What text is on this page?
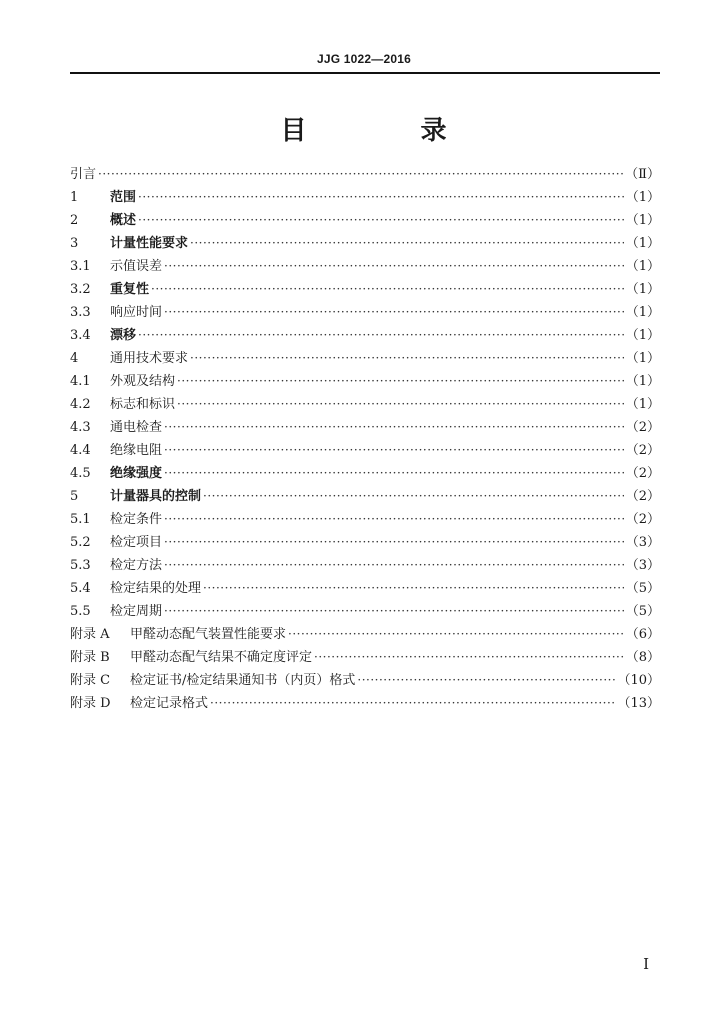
JJG 1022—2016
目　录
引言 ·····	（Ⅱ）
1	范围 ·····	（1）
2	概述 ·····	（1）
3	计量性能要求 ·····	（1）
3.1	示值误差 ·····	（1）
3.2	重复性 ·····	（1）
3.3	响应时间 ·····	（1）
3.4	漂移 ·····	（1）
4	通用技术要求 ·····	（1）
4.1	外观及结构 ·····	（1）
4.2	标志和标识 ·····	（1）
4.3	通电检查 ·····	（2）
4.4	绝缘电阻 ·····	（2）
4.5	绝缘强度 ·····	（2）
5	计量器具的控制 ·····	（2）
5.1	检定条件 ·····	（2）
5.2	检定项目 ·····	（3）
5.3	检定方法 ·····	（3）
5.4	检定结果的处理 ·····	（5）
5.5	检定周期 ·····	（5）
附录 A	甲醛动态配气装置性能要求 ·····	（6）
附录 B	甲醛动态配气结果不确定度评定 ·····	（8）
附录 C	检定证书/检定结果通知书（内页）格式 ·····	（10）
附录 D	检定记录格式 ·····	（13）
I
